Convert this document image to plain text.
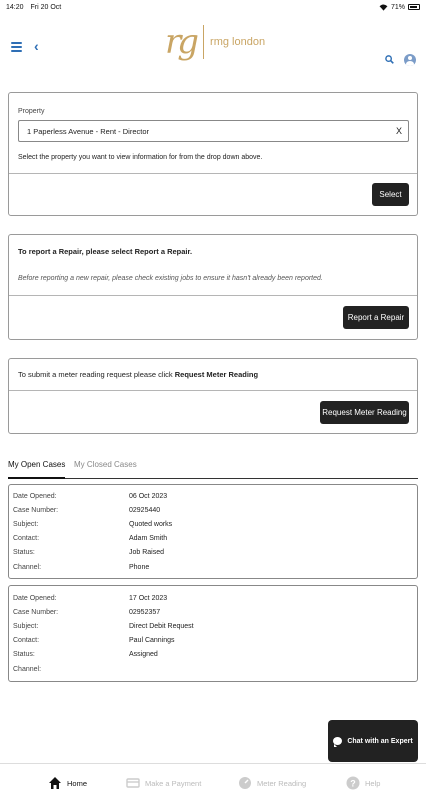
14:20 Fri 20 Oct	71%
‹	rg rmg london
Property
1 Paperless Avenue - Rent - Director	X
Select the property you want to view information for from the drop down above.
Select
To report a Repair, please select Report a Repair.
Before reporting a new repair, please check existing jobs to ensure it hasn't already been reported.
Report a Repair
To submit a meter reading request please click Request Meter Reading
Request Meter Reading
My Open Cases My Closed Cases
Date Opened:	06 Oct 2023
Case Number:	02925440
Subject:	Quoted works
Contact:	Adam Smith
Status:	Job Raised
Channel:	Phone
Date Opened:	17 Oct 2023
Case Number:	02952357
Subject:	Direct Debit Request
Contact:	Paul Cannings
Status:	Assigned
Channel:
Chat with an Expert
Home	Make a Payment	Meter Reading	? Help
